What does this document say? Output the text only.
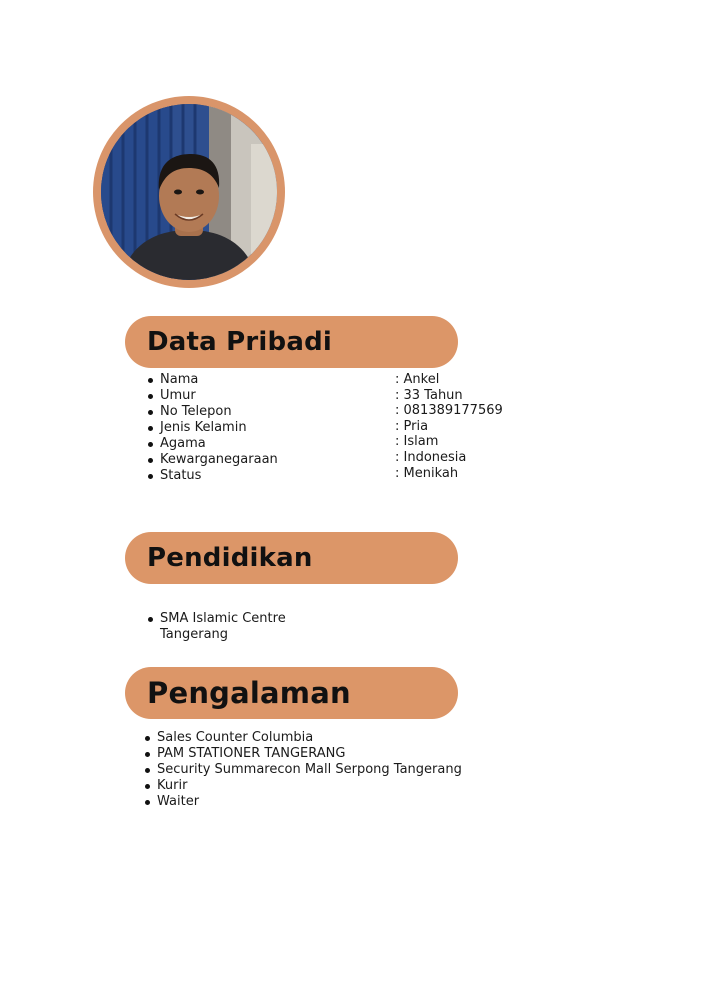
Data Pribadi
Nama
Umur
No Telepon
Jenis Kelamin
Agama
Kewarganegaraan
Status
: Ankel
: 33 Tahun
: 081389177569
: Pria
: Islam
: Indonesia
: Menikah
Pendidikan
SMA Islamic Centre Tangerang
Pengalaman
Sales Counter Columbia
PAM STATIONER TANGERANG
Security Summarecon Mall Serpong Tangerang
Kurir
Waiter
